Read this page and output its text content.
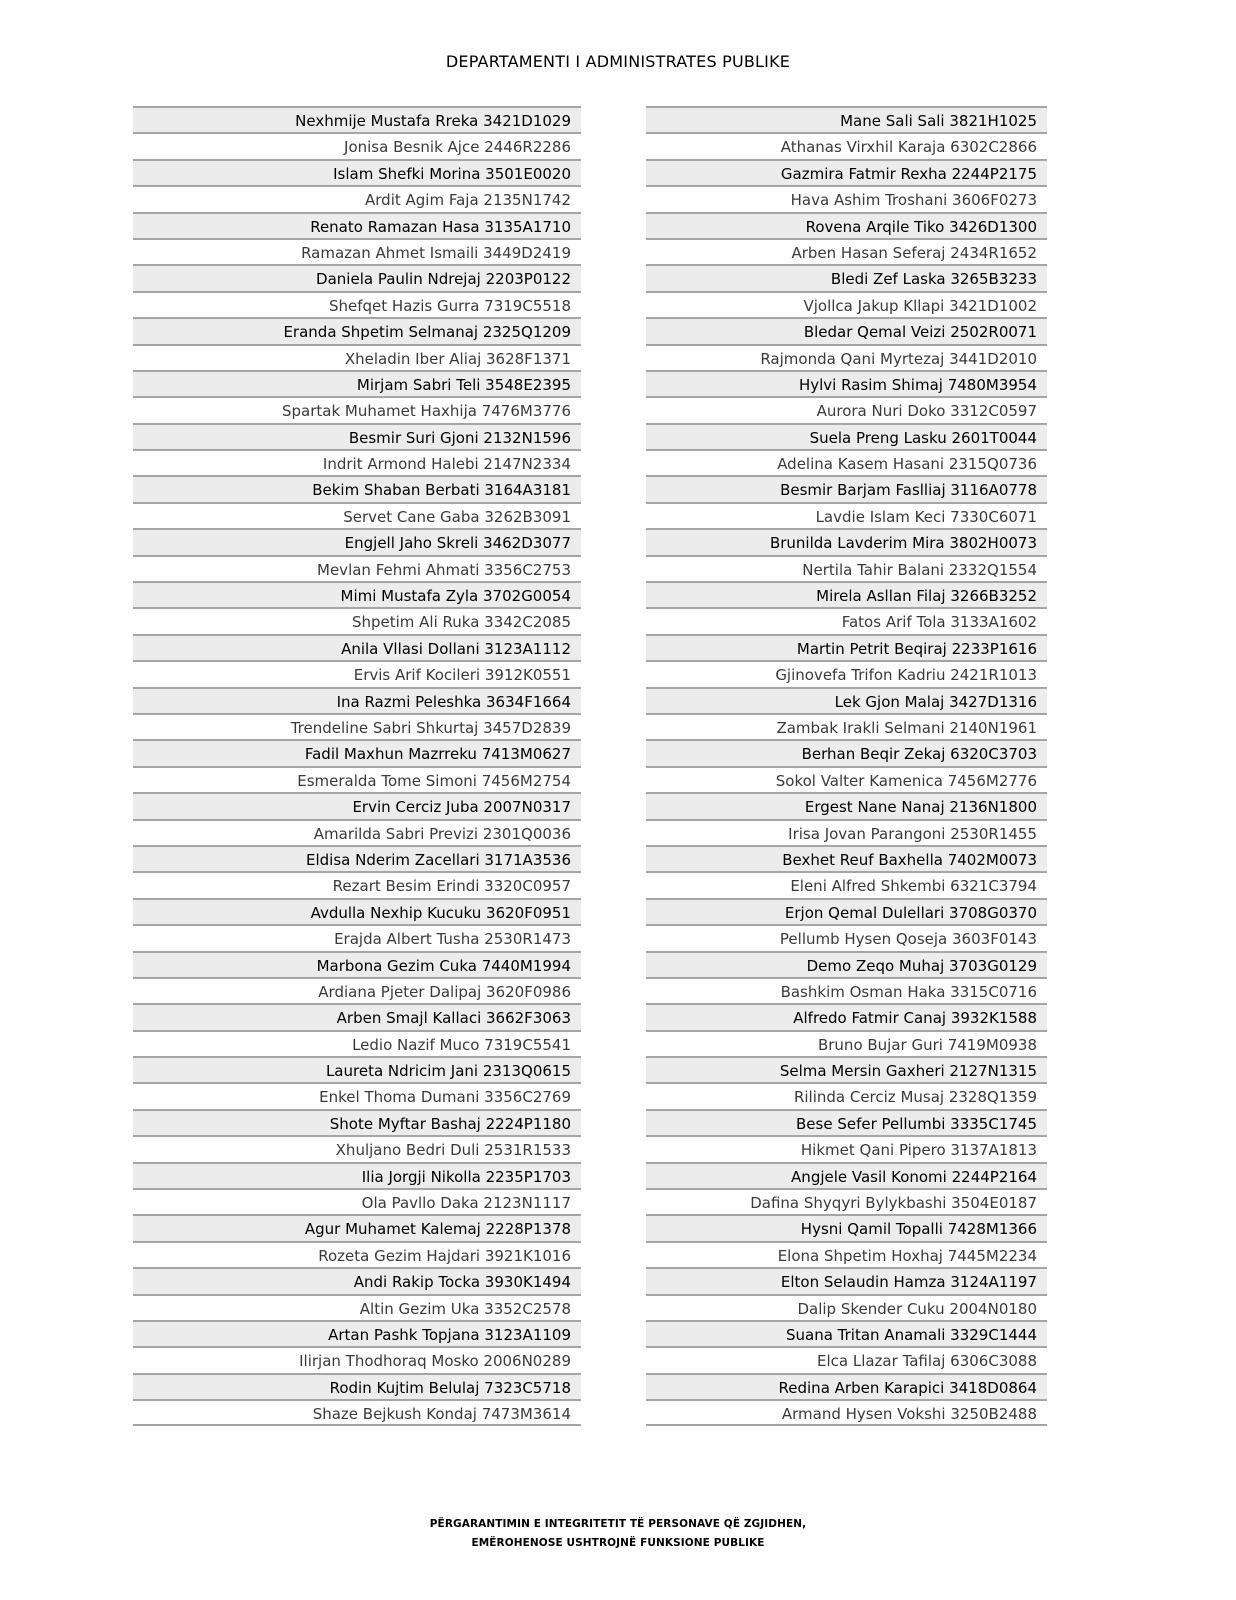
DEPARTAMENTI I ADMINISTRATES PUBLIKE
Nexhmije Mustafa Rreka 3421D1029
Jonisa Besnik Ajce 2446R2286
Islam Shefki Morina 3501E0020
Ardit Agim Faja 2135N1742
Renato Ramazan Hasa 3135A1710
Ramazan Ahmet Ismaili 3449D2419
Daniela Paulin Ndrejaj 2203P0122
Shefqet Hazis Gurra 7319C5518
Eranda Shpetim Selmanaj 2325Q1209
Xheladin Iber Aliaj 3628F1371
Mirjam Sabri Teli 3548E2395
Spartak Muhamet Haxhija 7476M3776
Besmir Suri Gjoni 2132N1596
Indrit Armond Halebi 2147N2334
Bekim Shaban Berbati 3164A3181
Servet Cane Gaba 3262B3091
Engjell Jaho Skreli 3462D3077
Mevlan Fehmi Ahmati 3356C2753
Mimi Mustafa Zyla 3702G0054
Shpetim Ali Ruka 3342C2085
Anila Vllasi Dollani 3123A1112
Ervis Arif Kocileri 3912K0551
Ina Razmi Peleshka 3634F1664
Trendeline Sabri Shkurtaj 3457D2839
Fadil Maxhun Mazrreku 7413M0627
Esmeralda Tome Simoni 7456M2754
Ervin Cerciz Juba 2007N0317
Amarilda Sabri Previzi 2301Q0036
Eldisa Nderim Zacellari 3171A3536
Rezart Besim Erindi 3320C0957
Avdulla Nexhip Kucuku 3620F0951
Erajda Albert Tusha 2530R1473
Marbona Gezim Cuka 7440M1994
Ardiana Pjeter Dalipaj 3620F0986
Arben Smajl Kallaci 3662F3063
Ledio Nazif Muco 7319C5541
Laureta Ndricim Jani 2313Q0615
Enkel Thoma Dumani 3356C2769
Shote Myftar Bashaj 2224P1180
Xhuljano Bedri Duli 2531R1533
Ilia Jorgji Nikolla 2235P1703
Ola Pavllo Daka 2123N1117
Agur Muhamet Kalemaj 2228P1378
Rozeta Gezim Hajdari 3921K1016
Andi Rakip Tocka 3930K1494
Altin Gezim Uka 3352C2578
Artan Pashk Topjana 3123A1109
Ilirjan Thodhoraq Mosko 2006N0289
Rodin Kujtim Belulaj 7323C5718
Shaze Bejkush Kondaj 7473M3614
Mane Sali Sali 3821H1025
Athanas Virxhil Karaja 6302C2866
Gazmira Fatmir Rexha 2244P2175
Hava Ashim Troshani 3606F0273
Rovena Arqile Tiko 3426D1300
Arben Hasan Seferaj 2434R1652
Bledi Zef Laska 3265B3233
Vjollca Jakup Kllapi 3421D1002
Bledar Qemal Veizi 2502R0071
Rajmonda Qani Myrtezaj 3441D2010
Hylvi Rasim Shimaj 7480M3954
Aurora Nuri Doko 3312C0597
Suela Preng Lasku 2601T0044
Adelina Kasem Hasani 2315Q0736
Besmir Barjam Faslliaj 3116A0778
Lavdie Islam Keci 7330C6071
Brunilda Lavderim Mira 3802H0073
Nertila Tahir Balani 2332Q1554
Mirela Asllan Filaj 3266B3252
Fatos Arif Tola 3133A1602
Martin Petrit Beqiraj 2233P1616
Gjinovefa Trifon Kadriu 2421R1013
Lek Gjon Malaj 3427D1316
Zambak Irakli Selmani 2140N1961
Berhan Beqir Zekaj 6320C3703
Sokol Valter Kamenica 7456M2776
Ergest Nane Nanaj 2136N1800
Irisa Jovan Parangoni 2530R1455
Bexhet Reuf Baxhella 7402M0073
Eleni Alfred Shkembi 6321C3794
Erjon Qemal Dulellari 3708G0370
Pellumb Hysen Qoseja 3603F0143
Demo Zeqo Muhaj 3703G0129
Bashkim Osman Haka 3315C0716
Alfredo Fatmir Canaj 3932K1588
Bruno Bujar Guri 7419M0938
Selma Mersin Gaxheri 2127N1315
Rilinda Cerciz Musaj 2328Q1359
Bese Sefer Pellumbi 3335C1745
Hikmet Qani Pipero 3137A1813
Angjele Vasil Konomi 2244P2164
Dafina Shyqyri Bylykbashi 3504E0187
Hysni Qamil Topalli 7428M1366
Elona Shpetim Hoxhaj 7445M2234
Elton Selaudin Hamza 3124A1197
Dalip Skender Cuku 2004N0180
Suana Tritan Anamali 3329C1444
Elca Llazar Tafilaj 6306C3088
Redina Arben Karapici 3418D0864
Armand Hysen Vokshi 3250B2488
PËRGARANTIMIN E INTEGRITETIT TË PERSONAVE QË ZGJIDHEN,
EMËROHENOSE USHTROJNË FUNKSIONE PUBLIKE
